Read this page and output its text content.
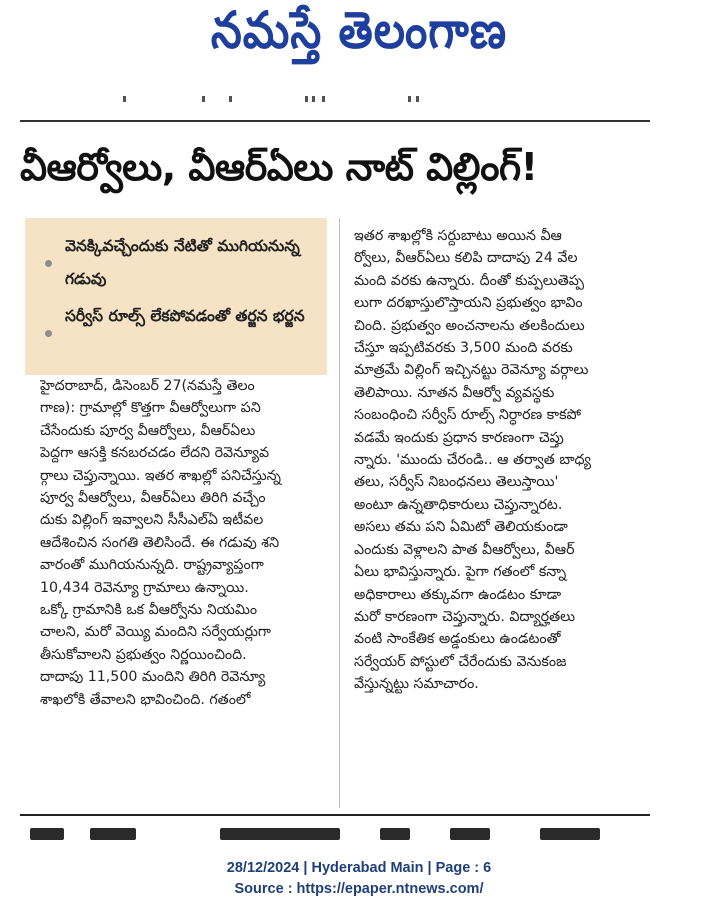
నమస్తే తెలంగాణ
వీఆర్వోలు, వీఆర్ఏలు నాట్ విల్లింగ్!
వెనక్కివచ్చేందుకు నేటితో ముగియనున్న గడువు
సర్వీస్ రూల్స్ లేకపోవడంతో తర్జన భర్జన

హైదరాబాద్, డిసెంబర్ 27(నమస్తే తెలం

గాణ): గ్రామాల్లో కొత్తగా వీఆర్వోలుగా పని

చేసేందుకు పూర్వ వీఆర్వోలు, వీఆర్ఏలు

పెద్దగా ఆసక్తి కనబరచడం లేదని రెవెన్యూవ

ర్గాలు చెప్తున్నాయి. ఇతర శాఖల్లో పనిచేస్తున్న

పూర్వ వీఆర్వోలు, వీఆర్ఏలు తిరిగి వచ్చేం

దుకు విల్లింగ్ ఇవ్వాలని సీసీఎల్ఏ ఇటీవల

ఆదేశించిన సంగతి తెలిసిందే. ఈ గడువు శని

వారంతో ముగియనున్నది. రాష్ట్రవ్యాప్తంగా

10,434 రెవెన్యూ గ్రామాలు ఉన్నాయి.

ఒక్కో గ్రామానికి ఒక వీఆర్వోను నియమిం

చాలని, మరో వెయ్యి మందిని సర్వేయర్లుగా

తీసుకోవాలని ప్రభుత్వం నిర్ణయించింది.

దాదాపు 11,500 మందిని తిరిగి రెవెన్యూ

శాఖలోకి తేవాలని భావించింది. గతంలో

ఇతర శాఖల్లోకి సర్దుబాటు అయిన వీఆ

ర్వోలు, వీఆర్ఏలు కలిపి దాదాపు 24 వేల

మంది వరకు ఉన్నారు. దీంతో కుప్పలుతెప్ప

లుగా దరఖాస్తులొస్తాయని ప్రభుత్వం భావిం

చింది. ప్రభుత్వం అంచనాలను తలకిందులు

చేస్తూ ఇప్పటివరకు 3,500 మంది వరకు

మాత్రమే విల్లింగ్ ఇచ్చినట్టు రెవెన్యూ వర్గాలు

తెలిపాయి. నూతన వీఆర్వో వ్యవస్థకు

సంబంధించి సర్వీస్ రూల్స్ నిర్ధారణ కాకపో

వడమే ఇందుకు ప్రధాన కారణంగా చెప్తు

న్నారు. 'ముందు చేరండి.. ఆ తర్వాత బాధ్య

తలు, సర్వీస్ నిబంధనలు తెలుస్తాయి'

అంటూ ఉన్నతాధికారులు చెప్తున్నారట.

అసలు తమ పని ఏమిటో తెలియకుండా

ఎందుకు వెళ్లాలని పాత వీఆర్వోలు, వీఆర్

ఏలు భావిస్తున్నారు. పైగా గతంలో కన్నా

అధికారాలు తక్కువగా ఉండటం కూడా

మరో కారణంగా చెప్తున్నారు. విద్యార్హతలు

వంటి సాంకేతిక అడ్డంకులు ఉండటంతో

సర్వేయర్ పోస్టులో చేరేందుకు వెనుకంజ

వేస్తున్నట్టు సమాచారం.

28/12/2024 | Hyderabad Main | Page : 6
Source : https://epaper.ntnews.com/
